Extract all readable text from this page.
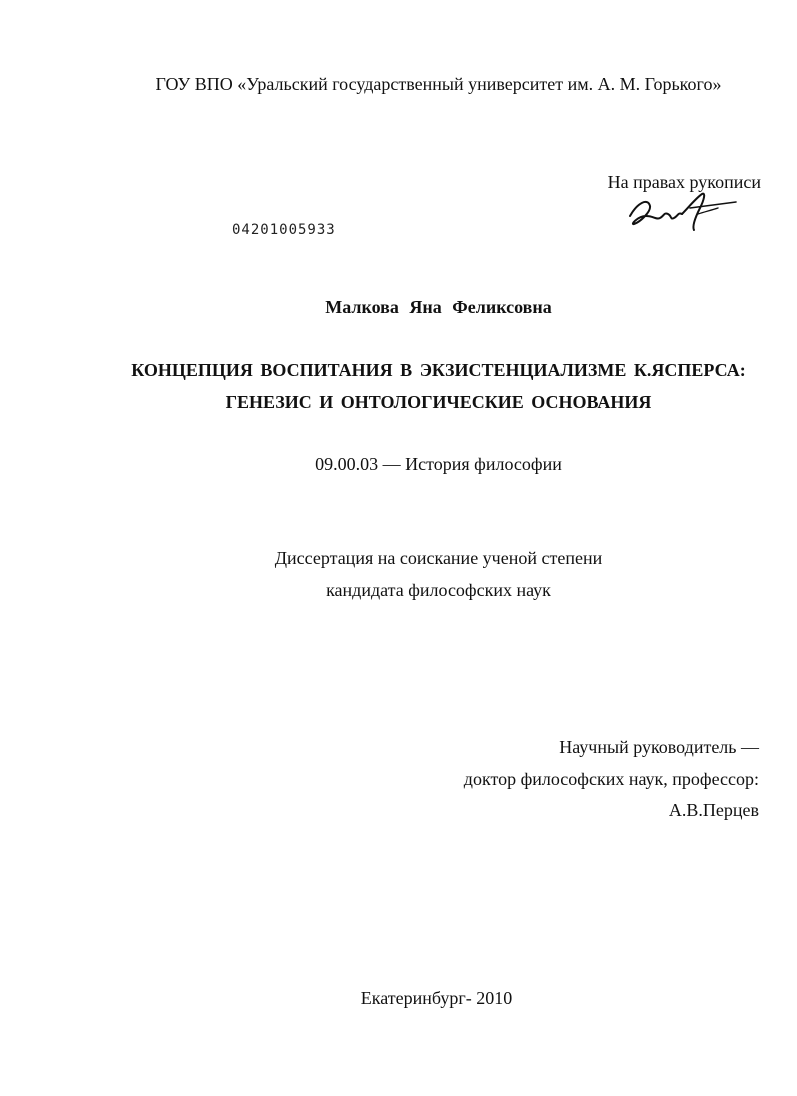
ГОУ ВПО «Уральский государственный университет им. А. М. Горького»
На правах рукописи
04201005933
Малкова Яна Феликсовна
КОНЦЕПЦИЯ ВОСПИТАНИЯ В ЭКЗИСТЕНЦИАЛИЗМЕ К.ЯСПЕРСА:
ГЕНЕЗИС И ОНТОЛОГИЧЕСКИЕ ОСНОВАНИЯ
09.00.03 — История философии
Диссертация на соискание ученой степени
кандидата философских наук
Научный руководитель —
доктор философских наук, профессор:
А.В.Перцев
Екатеринбург- 2010
